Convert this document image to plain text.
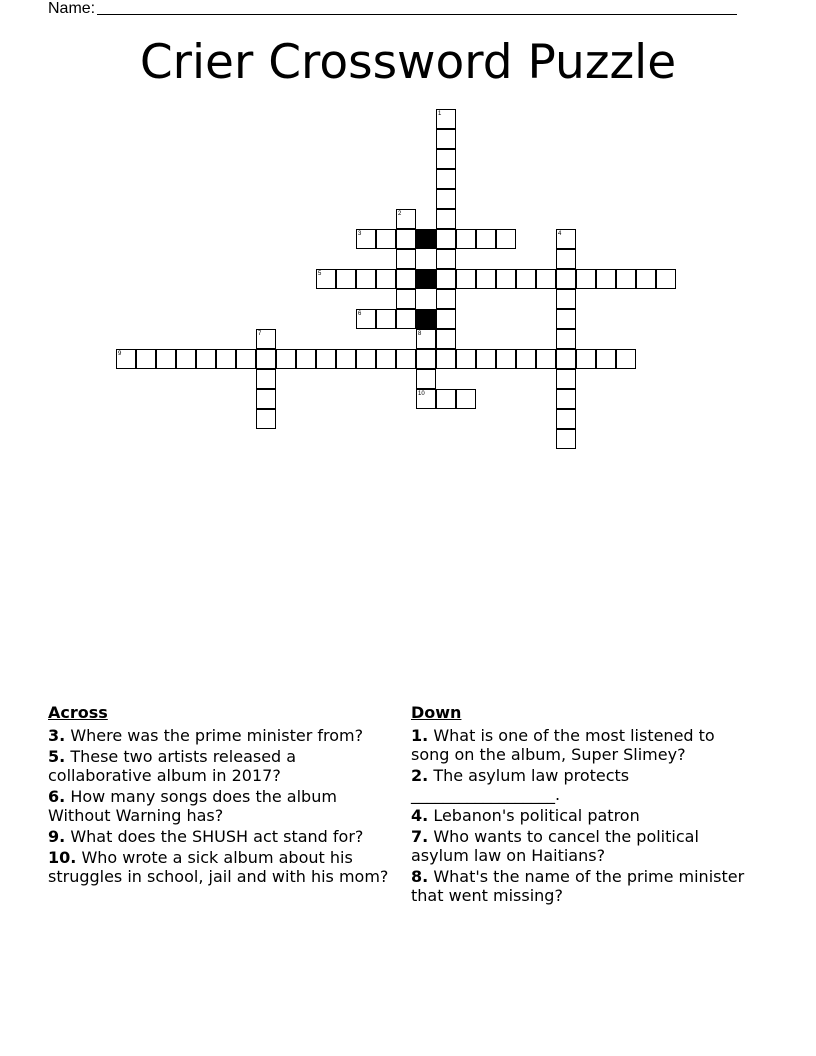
Name:
Crier Crossword Puzzle
1
2
3	4
5
6
7	8
9
10
Across
3. Where was the prime minister from?
5. These two artists released a collaborative album in 2017?
6. How many songs does the album Without Warning has?
9. What does the SHUSH act stand for?
10. Who wrote a sick album about his struggles in school, jail and with his mom?
Down
1. What is one of the most listened to song on the album, Super Slimey?
2. The asylum law protects __________________.
4. Lebanon's political patron
7. Who wants to cancel the political asylum law on Haitians?
8. What's the name of the prime minister that went missing?
